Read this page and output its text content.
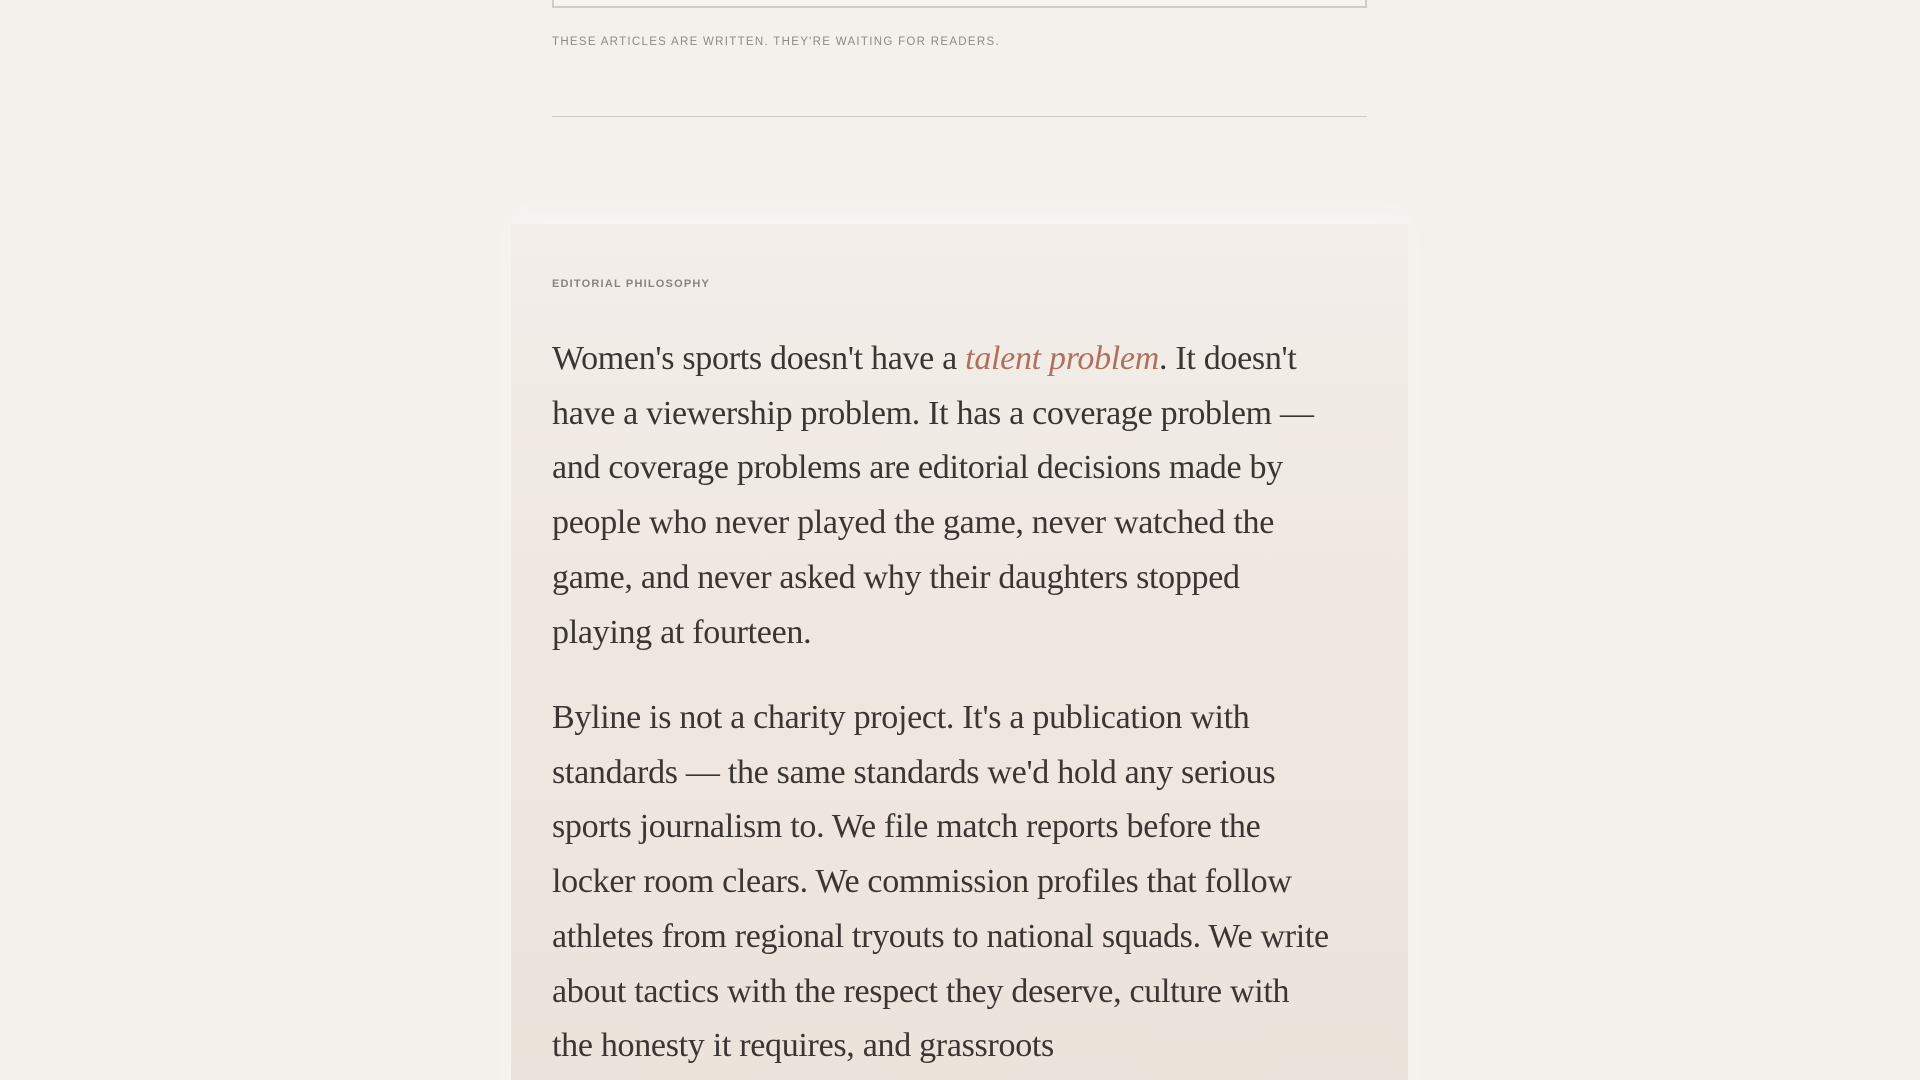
THESE ARTICLES ARE WRITTEN. THEY'RE WAITING FOR READERS.
EDITORIAL PHILOSOPHY

Women's sports doesn't have a talent problem. It doesn't have a viewership problem. It has a coverage problem — and coverage problems are editorial decisions made by people who never played the game, never watched the game, and never asked why their daughters stopped playing at fourteen.

Byline is not a charity project. It's a publication with standards — the same standards we'd hold any serious sports journalism to. We file match reports before the locker room clears. We commission profiles that follow athletes from regional tryouts to national squads. We write about tactics with the respect they deserve, culture with the honesty it requires, and grassroots
